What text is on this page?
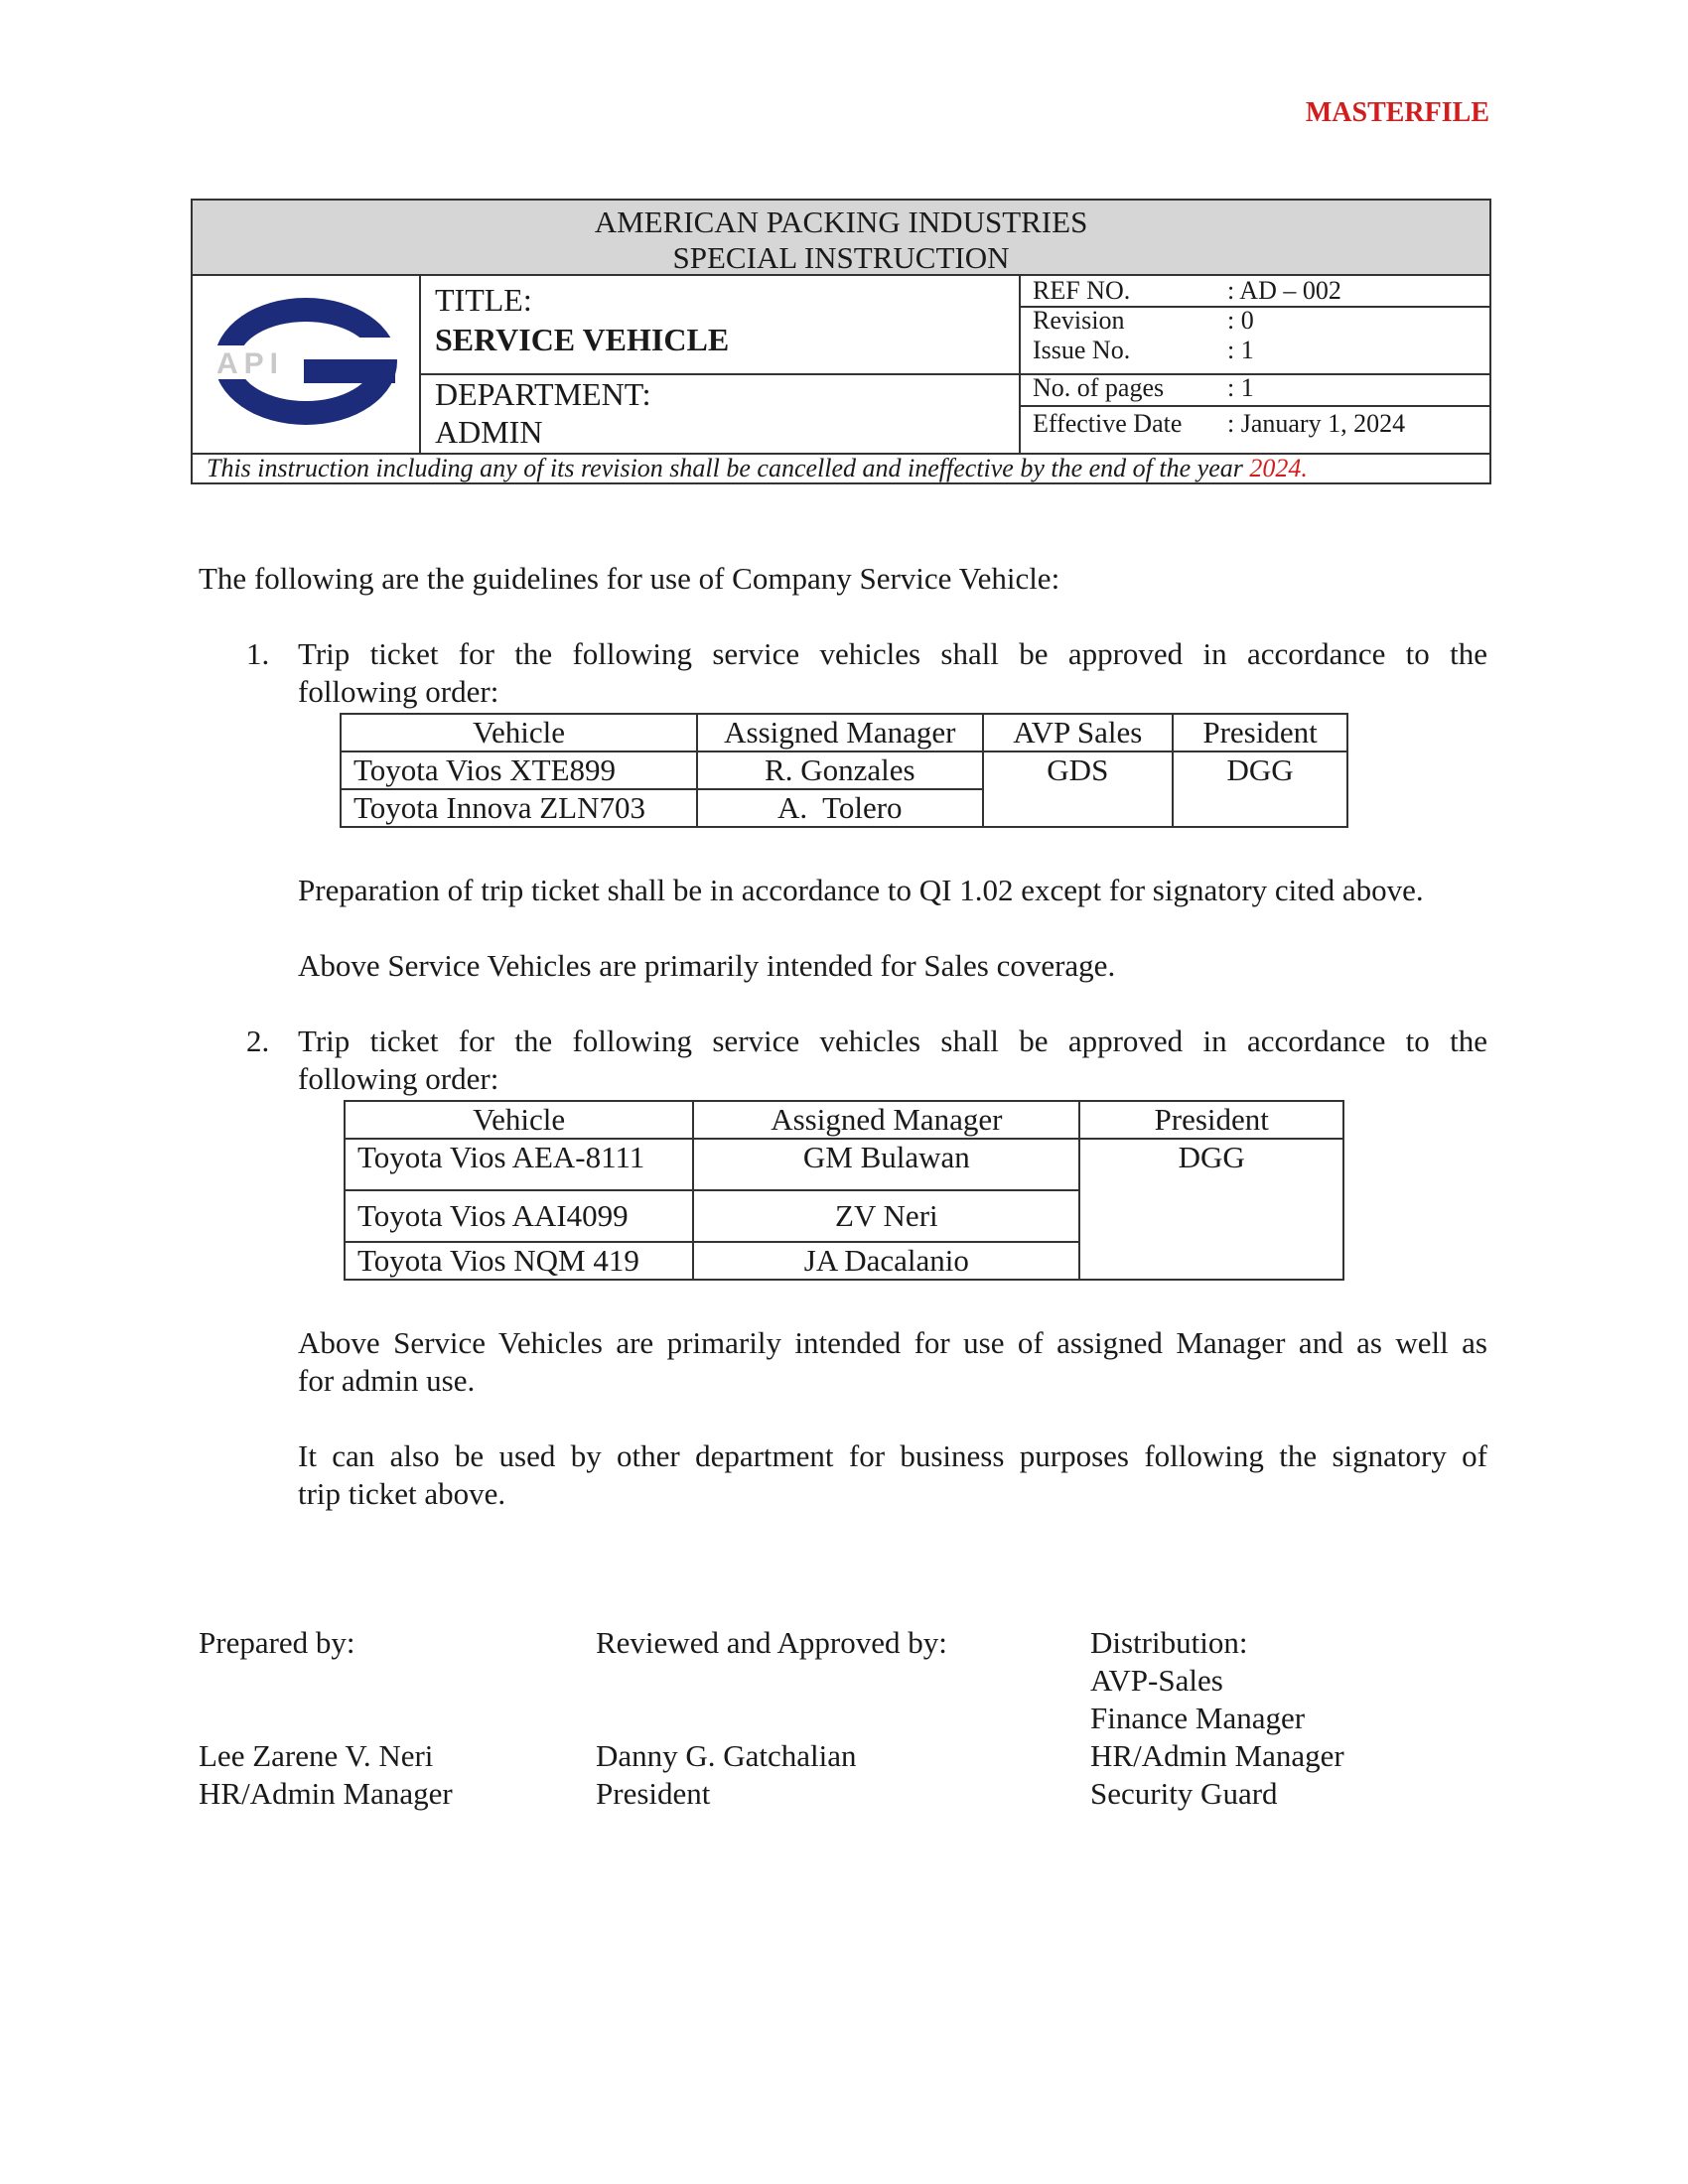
MASTERFILE
AMERICAN PACKING INDUSTRIES
SPECIAL INSTRUCTION
API
TITLE:
SERVICE VEHICLE
DEPARTMENT:
ADMIN
REF NO.	: AD – 002
Revision	: 0
Issue No.	: 1
No. of pages : 1
Effective Date : January 1, 2024
This instruction including any of its revision shall be cancelled and ineffective by the end of the year 2024.
The following are the guidelines for use of Company Service Vehicle:
1. Trip ticket for the following service vehicles shall be approved in accordance to the
following order:
Vehicle	Assigned Manager	AVP Sales	President
Toyota Vios XTE899	R. Gonzales	GDS	DGG
Toyota Innova ZLN703	A.  Tolero		
Preparation of trip ticket shall be in accordance to QI 1.02 except for signatory cited above.
Above Service Vehicles are primarily intended for Sales coverage.
2. Trip ticket for the following service vehicles shall be approved in accordance to the
following order:
Vehicle	Assigned Manager	President
Toyota Vios AEA-8111	GM Bulawan	DGG
Toyota Vios AAI4099	ZV Neri	
Toyota Vios NQM 419	JA Dacalanio	
Above Service Vehicles are primarily intended for use of assigned Manager and as well as
for admin use.
It can also be used by other department for business purposes following the signatory of
trip ticket above.
Prepared by:
Lee Zarene V. Neri
HR/Admin Manager
Reviewed and Approved by:
Danny G. Gatchalian
President
Distribution:
AVP-Sales
Finance Manager
HR/Admin Manager
Security Guard
